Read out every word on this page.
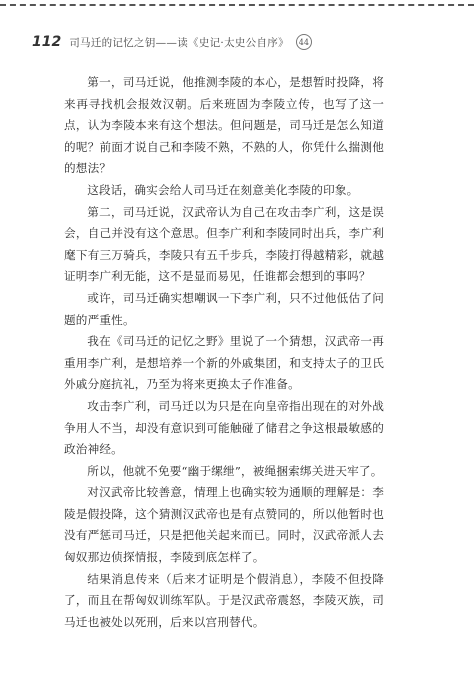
112 司马迁的记忆之钥——读《史记·太史公自序》	44

第一，司马迁说，他推测李陵的本心，是想暂时投降，将来再寻找机会报效汉朝。后来班固为李陵立传，也写了这一点，认为李陵本来有这个想法。但问题是，司马迁是怎么知道的呢？前面才说自己和李陵不熟，不熟的人，你凭什么揣测他的想法？

这段话，确实会给人司马迁在刻意美化李陵的印象。

第二，司马迁说，汉武帝认为自己在攻击李广利，这是误会，自己并没有这个意思。但李广利和李陵同时出兵，李广利麾下有三万骑兵，李陵只有五千步兵，李陵打得越精彩，就越证明李广利无能，这不是显而易见，任谁都会想到的事吗？

或许，司马迁确实想嘲讽一下李广利，只不过他低估了问题的严重性。

我在《司马迁的记忆之野》里说了一个猜想，汉武帝一再重用李广利，是想培养一个新的外戚集团，和支持太子的卫氏外戚分庭抗礼，乃至为将来更换太子作准备。

攻击李广利，司马迁以为只是在向皇帝指出现在的对外战争用人不当，却没有意识到可能触碰了储君之争这根最敏感的政治神经。

所以，他就不免要“幽于缧绁”，被绳捆索绑关进天牢了。

对汉武帝比较善意，情理上也确实较为通顺的理解是：李陵是假投降，这个猜测汉武帝也是有点赞同的，所以他暂时也没有严惩司马迁，只是把他关起来而已。同时，汉武帝派人去匈奴那边侦探情报，李陵到底怎样了。

结果消息传来（后来才证明是个假消息），李陵不但投降了，而且在帮匈奴训练军队。于是汉武帝震怒，李陵灭族，司马迁也被处以死刑，后来以宫刑替代。
